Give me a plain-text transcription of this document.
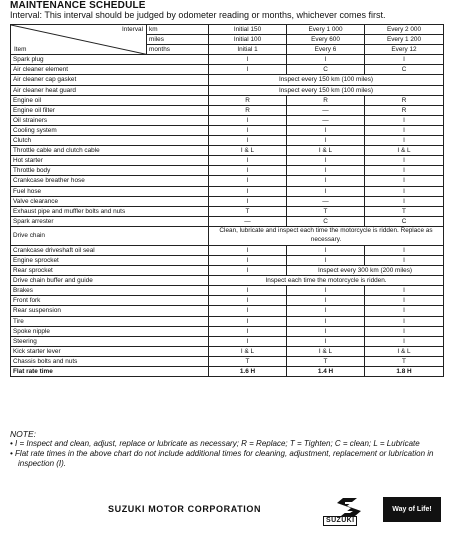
MAINTENANCE SCHEDULE
Interval: This interval should be judged by odometer reading or months, whichever comes first.
Interval
Item	km	Initial 150	Every 1 000	Every 2 000
	miles	Initial 100	Every 600	Every 1 200
	months	Initial 1	Every 6	Every 12
Spark plug		I	I	I
Air cleaner element		I	C	C
Air cleaner cap gasket		Inspect every 150 km (100 miles)		
Air cleaner heat guard		Inspect every 150 km (100 miles)		
Engine oil		R	R	R
Engine oil filter		R	—	R
Oil strainers		I	—	I
Cooling system		I	I	I
Clutch		I	I	I
Throttle cable and clutch cable		I & L	I & L	I & L
Hot starter		I	I	I
Throttle body		I	I	I
Crankcase breather hose		I	I	I
Fuel hose		I	I	I
Valve clearance		I	—	I
Exhaust pipe and muffler bolts and nuts		T	T	T
Spark arrester		—	C	C
Drive chain		Clean, lubricate and inspect each time the motorcycle is ridden. Replace as necessary.		
Crankcase driveshaft oil seal		I	I	I
Engine sprocket		I	I	I
Rear sprocket		I	Inspect every 300 km (200 miles)	
Drive chain buffer and guide		Inspect each time the motorcycle is ridden.		
Brakes		I	I	I
Front fork		I	I	I
Rear suspension		I	I	I
Tire		I	I	I
Spoke nipple		I	I	I
Steering		I	I	I
Kick starter lever		I & L	I & L	I & L
Chassis bolts and nuts		T	T	T
Flat rate time		1.6 H	1.4 H	1.8 H
NOTE:
• I = Inspect and clean, adjust, replace or lubricate as necessary; R = Replace; T = Tighten; C = clean; L = Lubricate
• Flat rate times in the above chart do not include additional times for cleaning, adjustment, replacement or lubrication in inspection (I).
SUZUKI MOTOR CORPORATION
SUZUKI
Way of Life!
